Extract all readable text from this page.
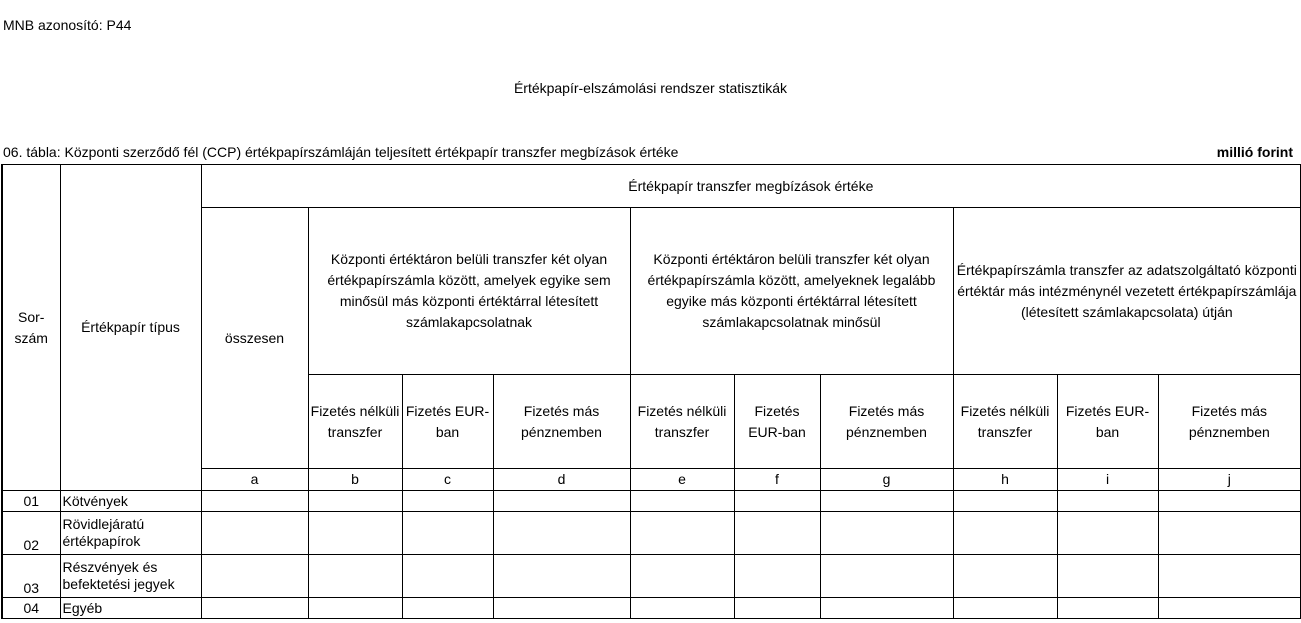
MNB azonosító: P44
Értékpapír-elszámolási rendszer statisztikák
06. tábla: Központi szerződő fél (CCP) értékpapírszámláján teljesített értékpapír transzfer megbízások értéke	millió forint
Sor-szám	Értékpapír típus	Értékpapír transzfer megbízások értéke									
		összesen	Központi értéktáron belüli transzfer két olyan értékpapírszámla között, amelyek egyike sem minősül más központi értéktárral létesített számlakapcsolatnak			Központi értéktáron belüli transzfer két olyan értékpapírszámla között, amelyeknek legalább egyike más központi értéktárral létesített számlakapcsolatnak minősül			Értékpapírszámla transzfer az adatszolgáltató központi értéktár más intézménynél vezetett értékpapírszámlája (létesített számlakapcsolata) útján		
			Fizetés nélküli transzfer	Fizetés EUR-ban	Fizetés más pénznemben	Fizetés nélküli transzfer	Fizetés EUR-ban	Fizetés más pénznemben	Fizetés nélküli transzfer	Fizetés EUR-ban	Fizetés más pénznemben
		a	b	c	d	e	f	g	h	i	j
01	Kötvények										
02	Rövidlejáratú értékpapírok										
03	Részvények és befektetési jegyek										
04	Egyéb										
